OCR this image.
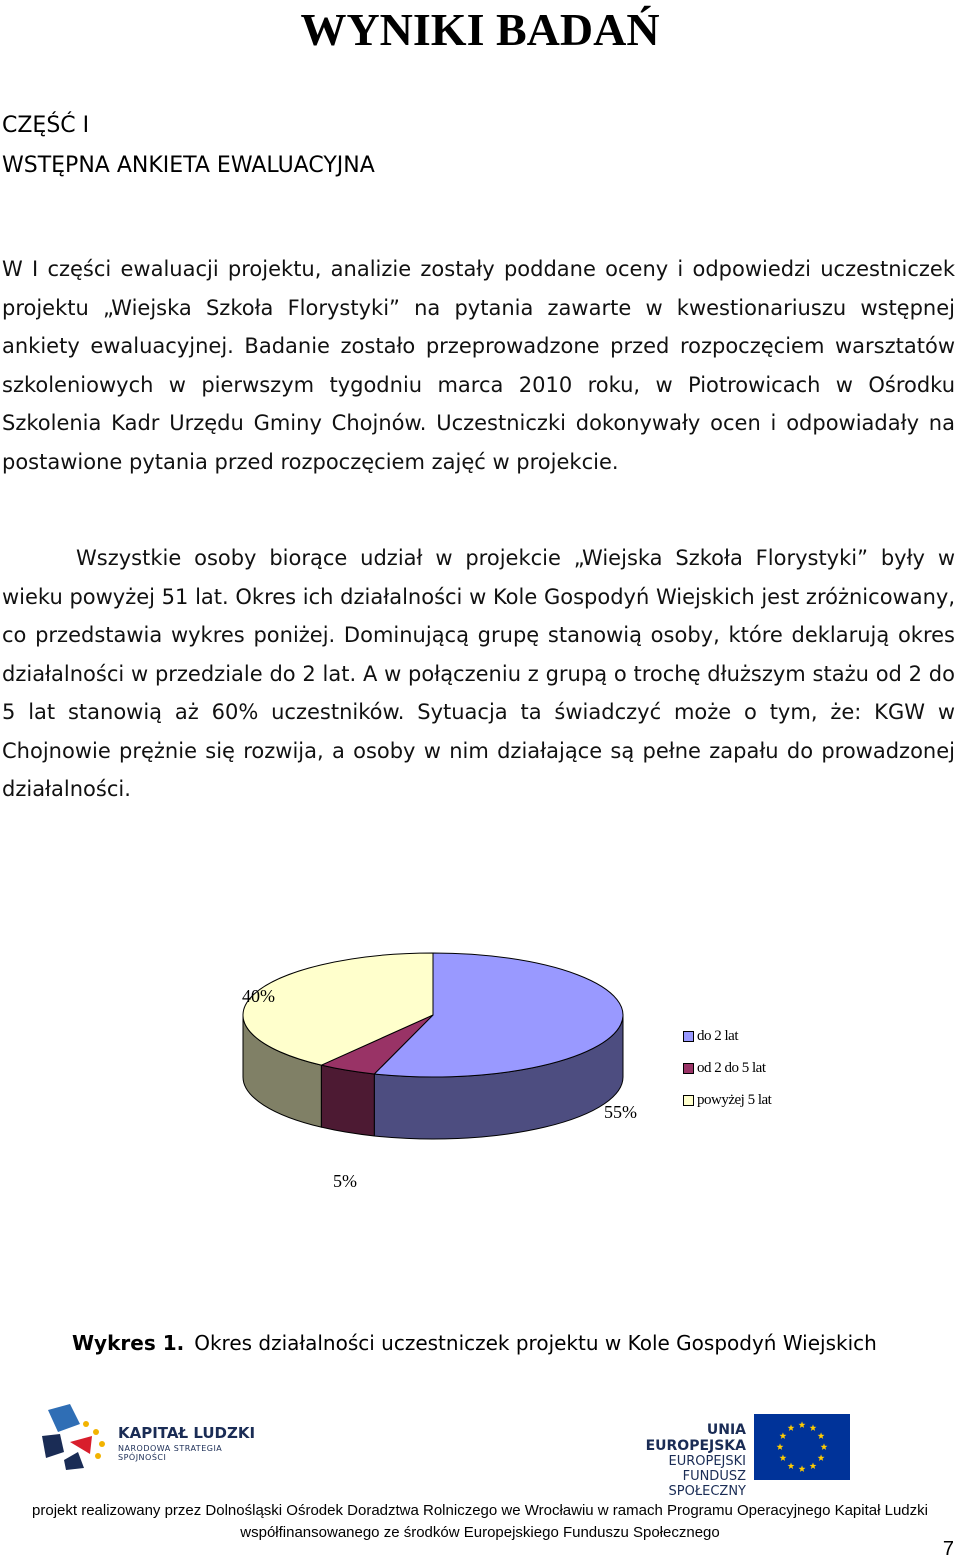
WYNIKI BADAŃ
CZĘŚĆ I
WSTĘPNA ANKIETA EWALUACYJNA

W I części ewaluacji projektu, analizie zostały poddane oceny i odpowiedzi uczestniczek projektu „Wiejska Szkoła Florystyki” na pytania zawarte w kwestionariuszu wstępnej ankiety ewaluacyjnej. Badanie zostało przeprowadzone przed rozpoczęciem warsztatów szkoleniowych w pierwszym tygodniu marca 2010 roku, w Piotrowicach w Ośrodku Szkolenia Kadr Urzędu Gminy Chojnów. Uczestniczki dokonywały ocen i odpowiadały na postawione pytania przed rozpoczęciem zajęć w projekcie.

Wszystkie osoby biorące udział w projekcie „Wiejska Szkoła Florystyki” były w wieku powyżej 51 lat. Okres ich działalności w Kole Gospodyń Wiejskich jest zróżnicowany, co przedstawia wykres poniżej. Dominującą grupę stanowią osoby, które deklarują okres działalności w przedziale do 2 lat. A w połączeniu z grupą o trochę dłuższym stażu od 2 do 5 lat stanowią aż 60% uczestników. Sytuacja ta świadczyć może o tym, że: KGW w Chojnowie prężnie się rozwija, a osoby w nim działające są pełne zapału do prowadzonej działalności.

55%
5%
40%
do 2 lat
od 2 do 5 lat
powyżej 5 lat
Wykres 1. Okres działalności uczestniczek projektu w Kole Gospodyń Wiejskich
KAPITAŁ LUDZKI
NARODOWA STRATEGIA SPÓJNOŚCI
UNIA EUROPEJSKA
EUROPEJSKI
FUNDUSZ SPOŁECZNY
projekt realizowany przez Dolnośląski Ośrodek Doradztwa Rolniczego we Wrocławiu w ramach Programu Operacyjnego Kapitał Ludzki
współfinansowanego ze środków Europejskiego Funduszu Społecznego
7
